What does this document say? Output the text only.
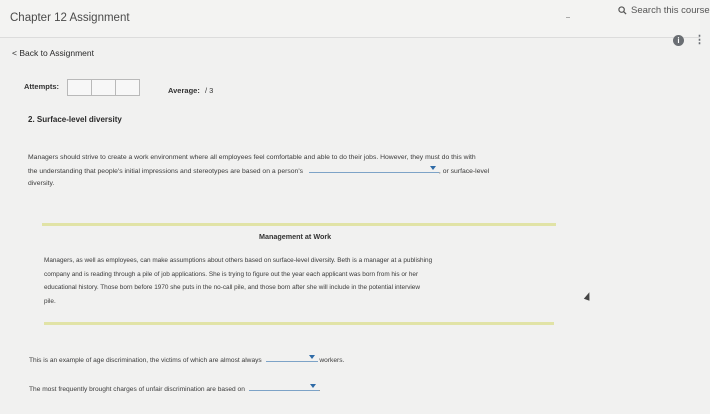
Chapter 12 Assignment
Search this course
i	⋮
< Back to Assignment
Attempts:	Average: / 3
2. Surface-level diversity
Managers should strive to create a work environment where all employees feel comfortable and able to do their jobs. However, they must do this with
the understanding that people's initial impressions and stereotypes are based on a person's	, or surface-level
diversity.
Management at Work
Managers, as well as employees, can make assumptions about others based on surface-level diversity. Beth is a manager at a publishing
company and is reading through a pile of job applications. She is trying to figure out the year each applicant was born from his or her
educational history. Those born before 1970 she puts in the no-call pile, and those born after she will include in the potential interview
pile.
This is an example of age discrimination, the victims of which are almost always	workers.
The most frequently brought charges of unfair discrimination are based on	.
